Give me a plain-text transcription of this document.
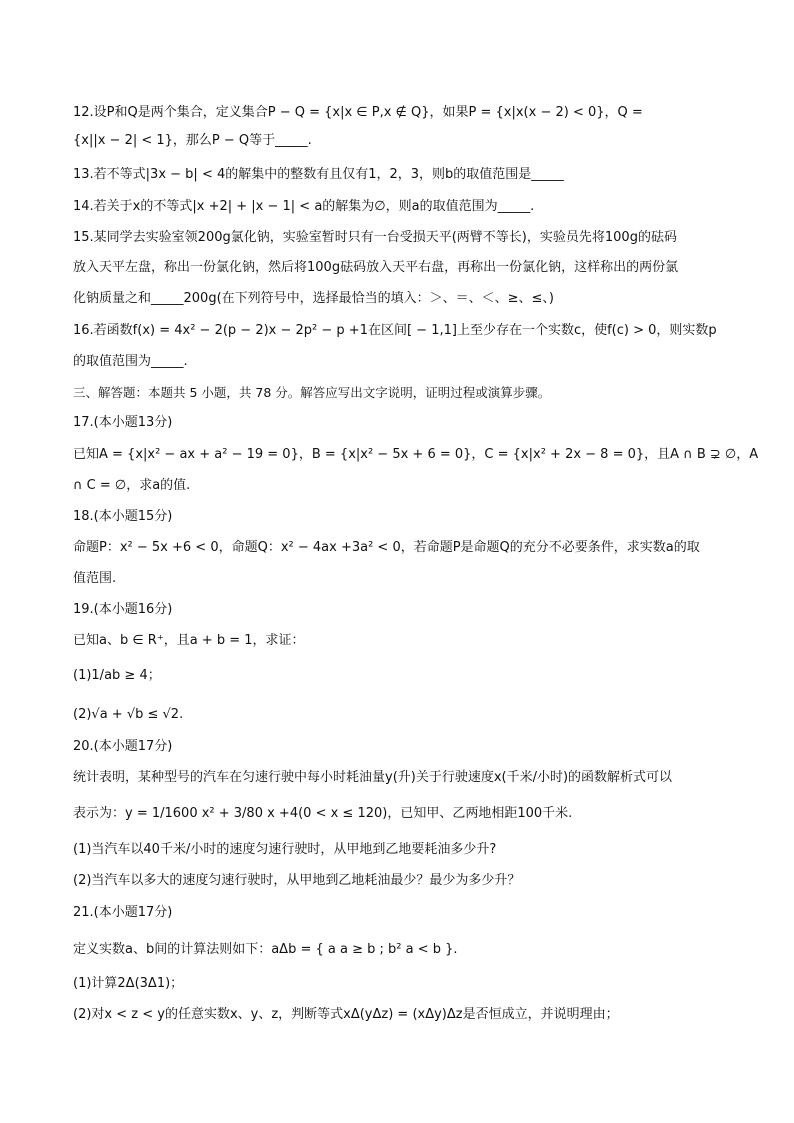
12.设P和Q是两个集合，定义集合P − Q = {x|x ∈ P,x ∉ Q}，如果P = {x|x(x − 2) < 0}，Q =
{x||x − 2| < 1}，那么P − Q等于_____.
13.若不等式|3x − b| < 4的解集中的整数有且仅有1，2，3，则b的取值范围是_____
14.若关于x的不等式|x +2| + |x − 1| < a的解集为∅，则a的取值范围为_____.
15.某同学去实验室领200g氯化钠，实验室暂时只有一台受损天平(两臂不等长)，实验员先将100g的砝码
放入天平左盘，称出一份氯化钠，然后将100g砝码放入天平右盘，再称出一份氯化钠，这样称出的两份氯
化钠质量之和_____200g(在下列符号中，选择最恰当的填入：＞、＝、＜、≥、≤、)
16.若函数f(x) = 4x² − 2(p − 2)x − 2p² − p +1在区间[ − 1,1]上至少存在一个实数c，使f(c) > 0，则实数p
的取值范围为_____.
三、解答题：本题共 5 小题，共 78 分。解答应写出文字说明，证明过程或演算步骤。
17.(本小题13分)
已知A = {x|x² − ax + a² − 19 = 0}，B = {x|x² − 5x + 6 = 0}，C = {x|x² + 2x − 8 = 0}，且A ∩ B ⊋ ∅，A
∩ C = ∅，求a的值.
18.(本小题15分)
命题P：x² − 5x +6 < 0，命题Q：x² − 4ax +3a² < 0，若命题P是命题Q的充分不必要条件，求实数a的取
值范围.
19.(本小题16分)
已知a、b ∈ R⁺，且a + b = 1，求证：
(1)1/ab ≥ 4；
(2)√a + √b ≤ √2.
20.(本小题17分)
统计表明，某种型号的汽车在匀速行驶中每小时耗油量y(升)关于行驶速度x(千米/小时)的函数解析式可以
表示为：y = 1/1600 x² + 3/80 x +4(0 < x ≤ 120)，已知甲、乙两地相距100千米.
(1)当汽车以40千米/小时的速度匀速行驶时，从甲地到乙地要耗油多少升?
(2)当汽车以多大的速度匀速行驶时，从甲地到乙地耗油最少？最少为多少升？
21.(本小题17分)
定义实数a、b间的计算法则如下：aΔb = { a a ≥ b ; b² a < b }.
(1)计算2Δ(3Δ1)；
(2)对x < z < y的任意实数x、y、z，判断等式xΔ(yΔz) = (xΔy)Δz是否恒成立，并说明理由；
